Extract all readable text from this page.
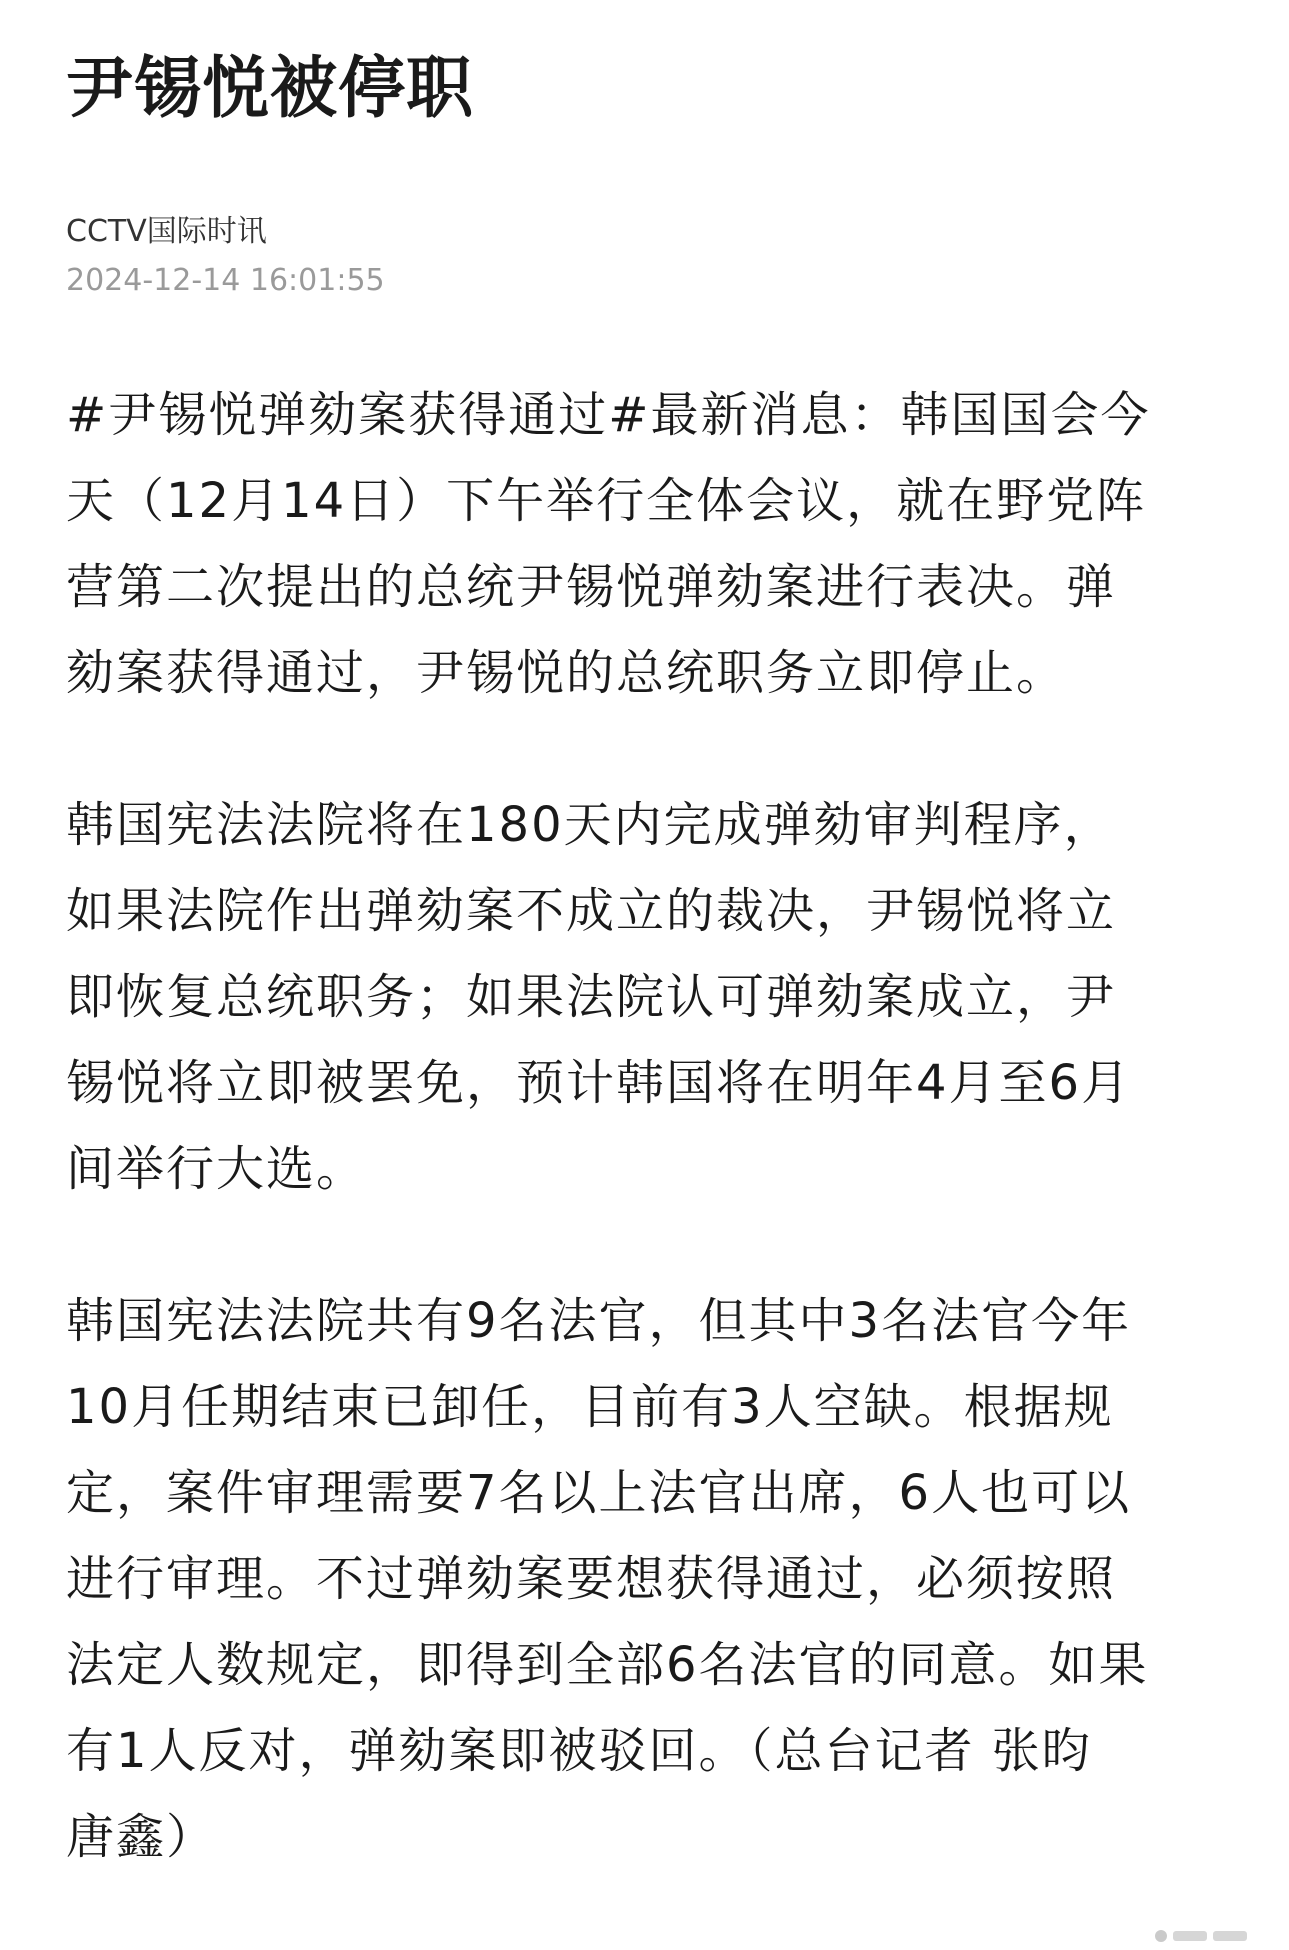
尹锡悦被停职
CCTV国际时讯
2024-12-14 16:01:55

#尹锡悦弹劾案获得通过#最新消息：韩国国会今
天（12月14日）下午举行全体会议，就在野党阵
营第二次提出的总统尹锡悦弹劾案进行表决。弹
劾案获得通过，尹锡悦的总统职务立即停止。

韩国宪法法院将在180天内完成弹劾审判程序，
如果法院作出弹劾案不成立的裁决，尹锡悦将立
即恢复总统职务；如果法院认可弹劾案成立，尹
锡悦将立即被罢免，预计韩国将在明年4月至6月
间举行大选。

韩国宪法法院共有9名法官，但其中3名法官今年
10月任期结束已卸任，目前有3人空缺。根据规
定，案件审理需要7名以上法官出席，6人也可以
进行审理。不过弹劾案要想获得通过，必须按照
法定人数规定，即得到全部6名法官的同意。如果
有1人反对，弹劾案即被驳回。（总台记者 张昀
唐鑫）
